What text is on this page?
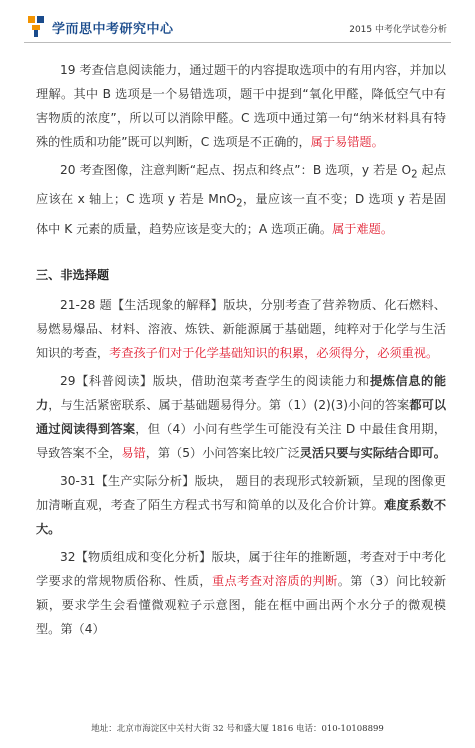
学而思中考研究中心	2015 中考化学试卷分析

19 考查信息阅读能力，通过题干的内容提取选项中的有用内容，并加以理解。其中 B 选项是一个易错选项，题干中提到“氧化甲醛，降低空气中有害物质的浓度”，所以可以消除甲醛。C 选项中通过第一句“纳米材料具有特殊的性质和功能”既可以判断，C 选项是不正确的，属于易错题。

20 考查图像，注意判断“起点、拐点和终点”：B 选项，y 若是 $O_2$ 起点应该在 x 轴上；C 选项 y 若是 MnO$_2$，量应该一直不变；D 选项 y 若是固体中 K 元素的质量，趋势应该是变大的；A 选项正确。属于难题。

三、非选择题

21-28 题【生活现象的解释】版块，分别考查了营养物质、化石燃料、易燃易爆品、材料、溶液、炼铁、新能源属于基础题，纯粹对于化学与生活知识的考查，考查孩子们对于化学基础知识的积累，必须得分，必须重视。

29【科普阅读】版块，借助泡菜考查学生的阅读能力和提炼信息的能力，与生活紧密联系、属于基础题易得分。第（1）(2)(3)小问的答案都可以通过阅读得到答案，但（4）小问有些学生可能没有关注 D 中最佳食用期，导致答案不全，易错，第（5）小问答案比较广泛灵活只要与实际结合即可。

30-31【生产实际分析】版块， 题目的表现形式较新颖，呈现的图像更加清晰直观，考查了陌生方程式书写和简单的以及化合价计算。难度系数不大。

32【物质组成和变化分析】版块，属于往年的推断题，考查对于中考化学要求的常规物质俗称、性质，重点考查对溶质的判断。第（3）问比较新颖，要求学生会看懂微观粒子示意图，能在框中画出两个水分子的微观模型。第（4）

地址：北京市海淀区中关村大街 32 号和盛大厦 1816 电话：010-10108899
